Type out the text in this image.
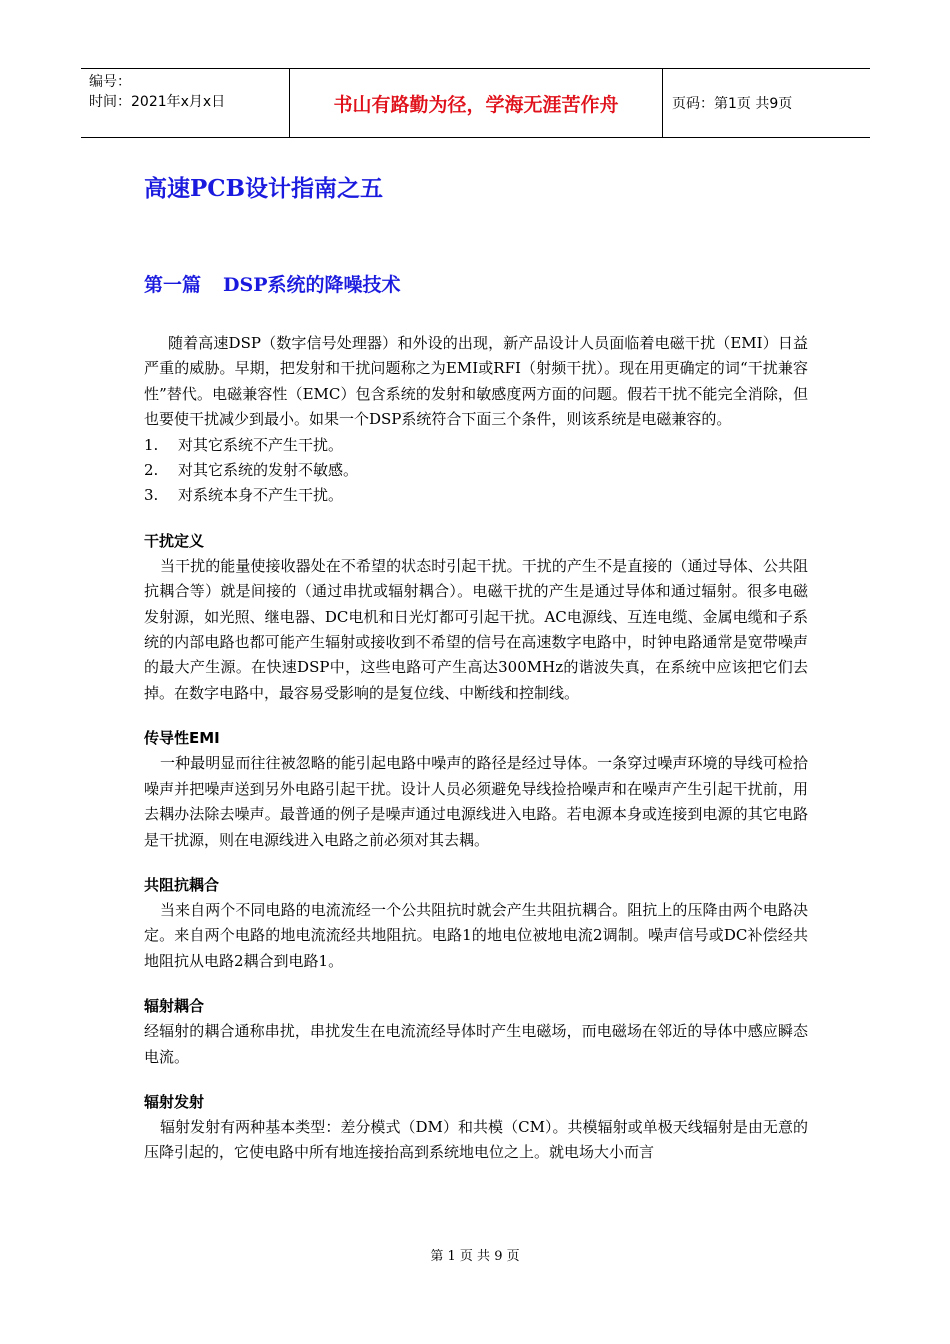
编号：
时间：2021年x月x日	书山有路勤为径，学海无涯苦作舟	页码：第1页 共9页
高速PCB设计指南之五
第一篇 DSP系统的降噪技术

随着高速DSP（数字信号处理器）和外设的出现，新产品设计人员面临着电磁干扰（EMI）日益严重的威胁。早期，把发射和干扰问题称之为EMI或RFI（射频干扰）。现在用更确定的词“干扰兼容性”替代。电磁兼容性（EMC）包含系统的发射和敏感度两方面的问题。假若干扰不能完全消除，但也要使干扰减少到最小。如果一个DSP系统符合下面三个条件，则该系统是电磁兼容的。

1. 对其它系统不产生干扰。

2. 对其它系统的发射不敏感。

3. 对系统本身不产生干扰。

干扰定义

当干扰的能量使接收器处在不希望的状态时引起干扰。干扰的产生不是直接的（通过导体、公共阻抗耦合等）就是间接的（通过串扰或辐射耦合）。电磁干扰的产生是通过导体和通过辐射。很多电磁发射源，如光照、继电器、DC电机和日光灯都可引起干扰。AC电源线、互连电缆、金属电缆和子系统的内部电路也都可能产生辐射或接收到不希望的信号在高速数字电路中，时钟电路通常是宽带噪声的最大产生源。在快速DSP中，这些电路可产生高达300MHz的谐波失真，在系统中应该把它们去掉。在数字电路中，最容易受影响的是复位线、中断线和控制线。

传导性EMI

一种最明显而往往被忽略的能引起电路中噪声的路径是经过导体。一条穿过噪声环境的导线可检拾噪声并把噪声送到另外电路引起干扰。设计人员必须避免导线捡拾噪声和在噪声产生引起干扰前，用去耦办法除去噪声。最普通的例子是噪声通过电源线进入电路。若电源本身或连接到电源的其它电路是干扰源，则在电源线进入电路之前必须对其去耦。

共阻抗耦合

当来自两个不同电路的电流流经一个公共阻抗时就会产生共阻抗耦合。阻抗上的压降由两个电路决定。来自两个电路的地电流流经共地阻抗。电路1的地电位被地电流2调制。噪声信号或DC补偿经共地阻抗从电路2耦合到电路1。

辐射耦合

经辐射的耦合通称串扰，串扰发生在电流流经导体时产生电磁场，而电磁场在邻近的导体中感应瞬态电流。

辐射发射

辐射发射有两种基本类型：差分模式（DM）和共模（CM）。共模辐射或单极天线辐射是由无意的压降引起的，它使电路中所有地连接抬高到系统地电位之上。就电场大小而言

第 1 页 共 9 页
